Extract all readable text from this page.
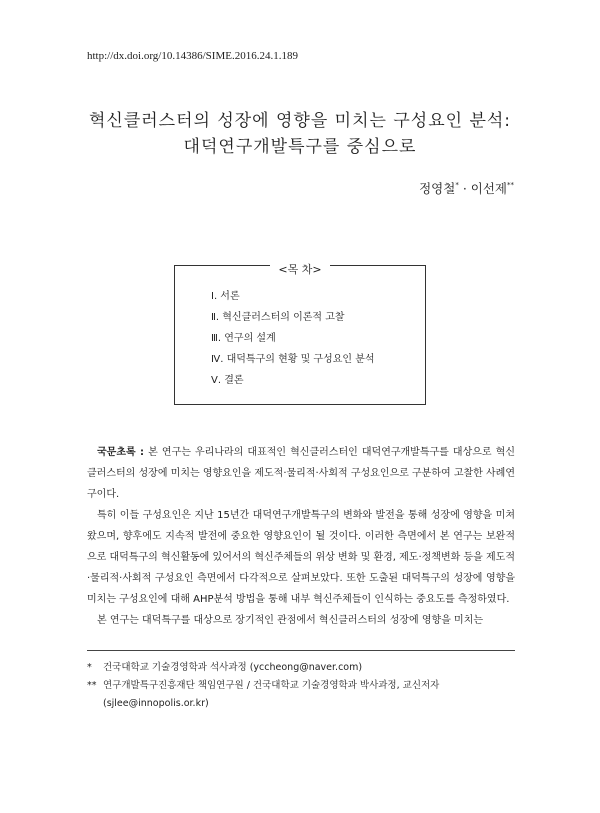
http://dx.doi.org/10.14386/SIME.2016.24.1.189
혁신클러스터의 성장에 영향을 미치는 구성요인 분석:
대덕연구개발특구를 중심으로
정영철* · 이선제**
<목 차>
Ⅰ. 서론
Ⅱ. 혁신클러스터의 이론적 고찰
Ⅲ. 연구의 설계
Ⅳ. 대덕특구의 현황 및 구성요인 분석
Ⅴ. 결론

국문초록 : 본 연구는 우리나라의 대표적인 혁신클러스터인 대덕연구개발특구를 대상으로 혁신클러스터의 성장에 미치는 영향요인을 제도적·물리적·사회적 구성요인으로 구분하여 고찰한 사례연구이다.

특히 이들 구성요인은 지난 15년간 대덕연구개발특구의 변화와 발전을 통해 성장에 영향을 미쳐왔으며, 향후에도 지속적 발전에 중요한 영향요인이 될 것이다. 이러한 측면에서 본 연구는 보완적으로 대덕특구의 혁신활동에 있어서의 혁신주체들의 위상 변화 및 환경, 제도·정책변화 등을 제도적·물리적·사회적 구성요인 측면에서 다각적으로 살펴보았다. 또한 도출된 대덕특구의 성장에 영향을 미치는 구성요인에 대해 AHP분석 방법을 통해 내부 혁신주체들이 인식하는 중요도를 측정하였다.

본 연구는 대덕특구를 대상으로 장기적인 관점에서 혁신클러스터의 성장에 영향을 미치는

* 건국대학교 기술경영학과 석사과정 (yccheong@naver.com)
** 연구개발특구진흥재단 책임연구원 / 건국대학교 기술경영학과 박사과정, 교신저자
(sjlee@innopolis.or.kr)
